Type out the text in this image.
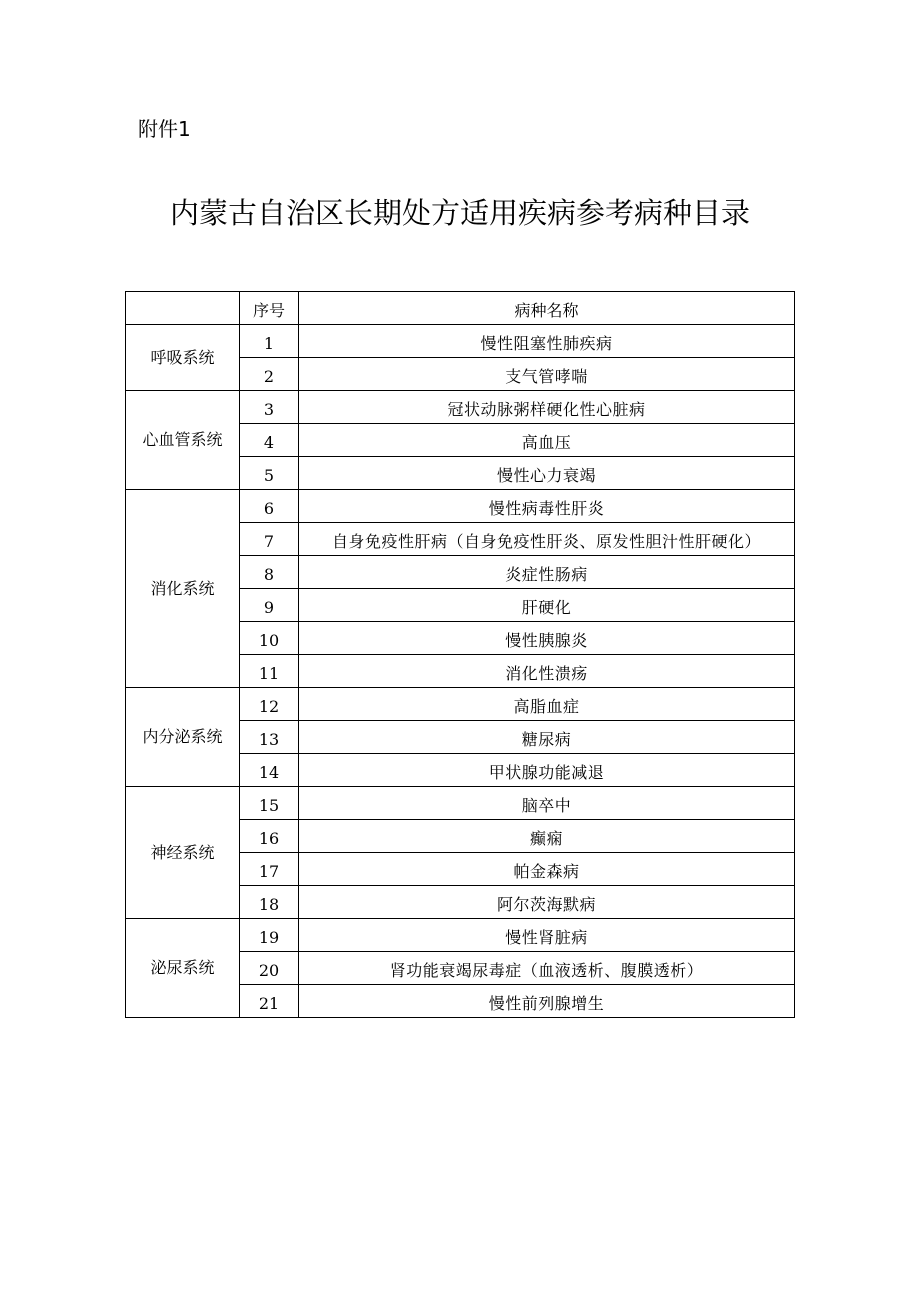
附件1
内蒙古自治区长期处方适用疾病参考病种目录
	序号	病种名称
呼吸系统	1	慢性阻塞性肺疾病
	2	支气管哮喘
心血管系统	3	冠状动脉粥样硬化性心脏病
	4	高血压
	5	慢性心力衰竭
消化系统	6	慢性病毒性肝炎
	7	自身免疫性肝病（自身免疫性肝炎、原发性胆汁性肝硬化）
	8	炎症性肠病
	9	肝硬化
	10	慢性胰腺炎
	11	消化性溃疡
内分泌系统	12	高脂血症
	13	糖尿病
	14	甲状腺功能减退
神经系统	15	脑卒中
	16	癫痫
	17	帕金森病
	18	阿尔茨海默病
泌尿系统	19	慢性肾脏病
	20	肾功能衰竭尿毒症（血液透析、腹膜透析）
	21	慢性前列腺增生
